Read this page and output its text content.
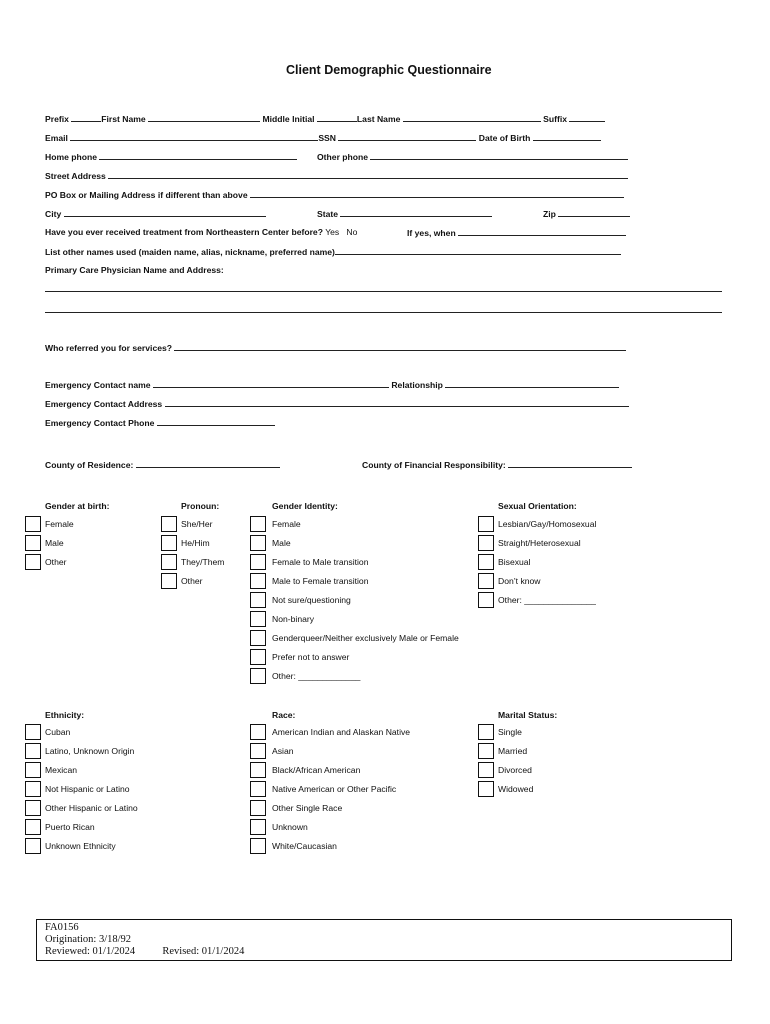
Client Demographic Questionnaire
Prefix	First Name	Middle Initial	Last Name	Suffix
Email	SSN	Date of Birth
Home phone	Other phone
Street Address
PO Box or Mailing Address if different than above
City	State	Zip
Have you ever received treatment from Northeastern Center before? Yes No	If yes, when
List other names used (maiden name, alias, nickname, preferred name)
Primary Care Physician Name and Address:
Who referred you for services?
Emergency Contact name	Relationship
Emergency Contact Address
Emergency Contact Phone
County of Residence:	County of Financial Responsibility:
Gender at birth:	Pronoun:	Gender Identity:	Sexual Orientation:
Ethnicity:	Race:	Marital Status:
Female
Male
Other
She/Her
He/Him
They/Them
Other
Female
Male
Female to Male transition
Male to Female transition
Not sure/questioning
Non-binary
Genderqueer/Neither exclusively Male or Female
Prefer not to answer
Other: _____________
Lesbian/Gay/Homosexual
Straight/Heterosexual
Bisexual
Don’t know
Other: _______________
Cuban
Latino, Unknown Origin
Mexican
Not Hispanic or Latino
Other Hispanic or Latino
Puerto Rican
Unknown Ethnicity
American Indian and Alaskan Native
Asian
Black/African American
Native American or Other Pacific
Other Single Race
Unknown
White/Caucasian
Single
Married
Divorced
Widowed
FA0156
Origination: 3/18/92
Reviewed: 01/1/2024	Revised: 01/1/2024
